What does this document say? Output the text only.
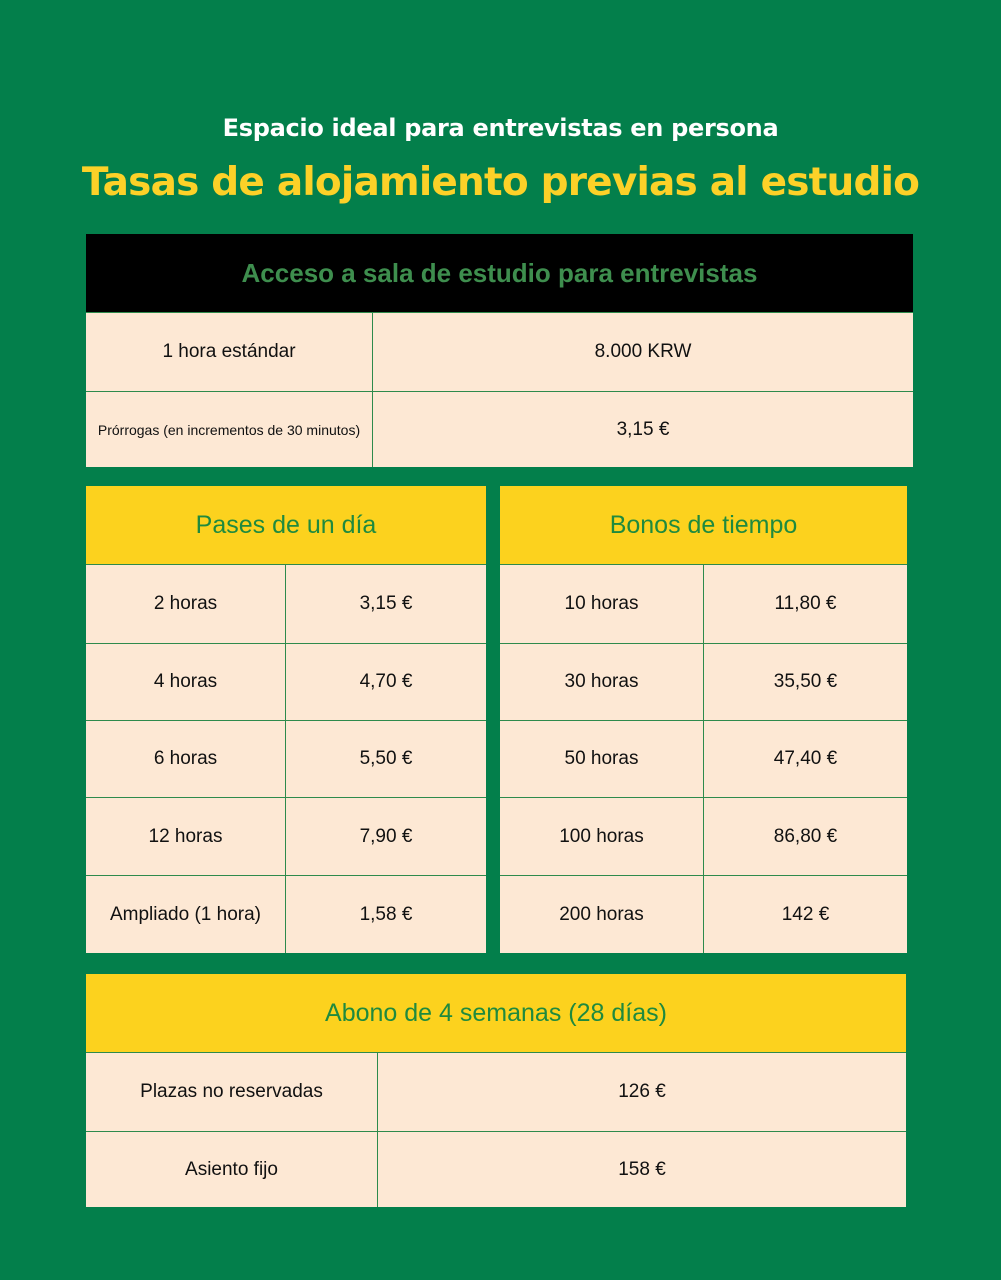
Espacio ideal para entrevistas en persona
Tasas de alojamiento previas al estudio
Acceso a sala de estudio para entrevistas
1 hora estándar	8.000 KRW
Prórrogas (en incrementos de 30 minutos)	3,15 €
Pases de un día
2 horas	3,15 €
4 horas	4,70 €
6 horas	5,50 €
12 horas	7,90 €
Ampliado (1 hora)	1,58 €
Bonos de tiempo
10 horas	11,80 €
30 horas	35,50 €
50 horas	47,40 €
100 horas	86,80 €
200 horas	142 €
Abono de 4 semanas (28 días)
Plazas no reservadas	126 €
Asiento fijo	158 €
